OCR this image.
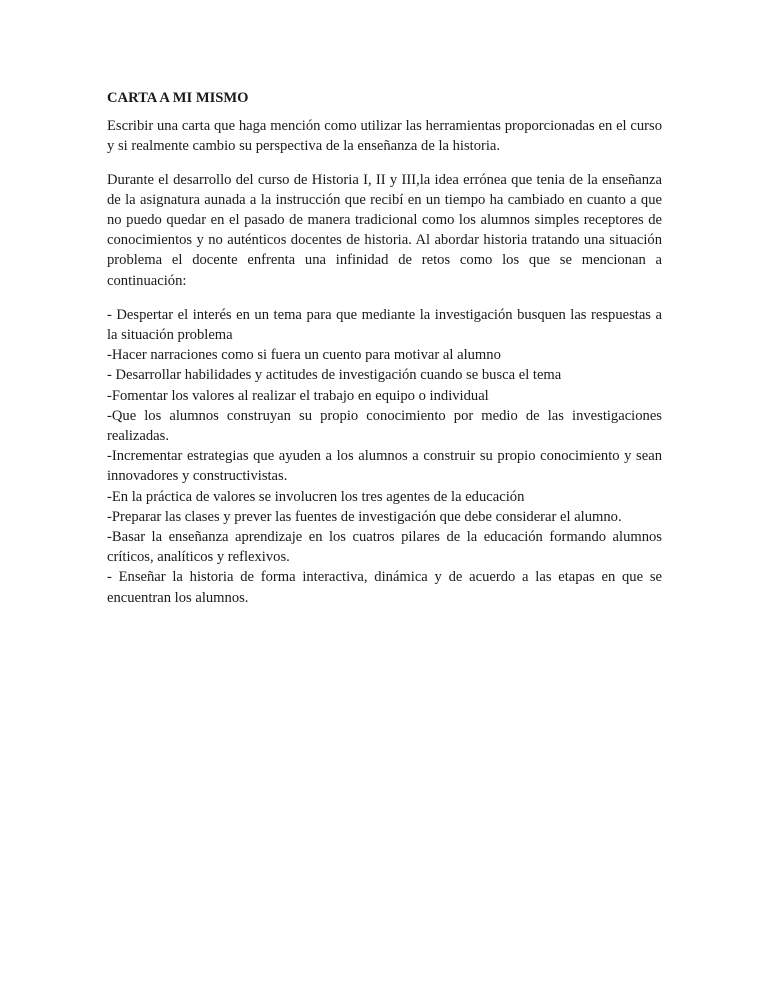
CARTA A MI MISMO

Escribir una carta que haga mención como utilizar las herramientas proporcionadas en el curso y si realmente cambio su perspectiva de la enseñanza de la historia.

Durante el desarrollo del curso de Historia I, II y III,la idea errónea que tenia de la enseñanza de la asignatura aunada a la instrucción que recibí en un tiempo ha cambiado en cuanto a que no puedo quedar en el pasado de manera tradicional como los alumnos simples receptores de conocimientos y no auténticos docentes de historia. Al abordar historia tratando una situación problema el docente enfrenta una infinidad de retos como los que se mencionan a continuación:

- Despertar el interés en un tema para que mediante la investigación busquen las respuestas a la situación problema
-Hacer narraciones como si fuera un cuento para motivar al alumno
- Desarrollar habilidades y actitudes de investigación cuando se busca el tema
-Fomentar los valores al realizar el trabajo en equipo o individual
-Que los alumnos construyan su propio conocimiento por medio de las investigaciones realizadas.
-Incrementar estrategias que ayuden a los alumnos a construir su propio conocimiento y sean innovadores y constructivistas.
-En la práctica de valores se involucren los tres agentes de la educación
-Preparar las clases y prever las fuentes de investigación que debe considerar el alumno.
-Basar la enseñanza aprendizaje en los cuatros pilares de la educación formando alumnos críticos, analíticos y reflexivos.
- Enseñar la historia de forma interactiva, dinámica y de acuerdo a las etapas en que se encuentran los alumnos.
